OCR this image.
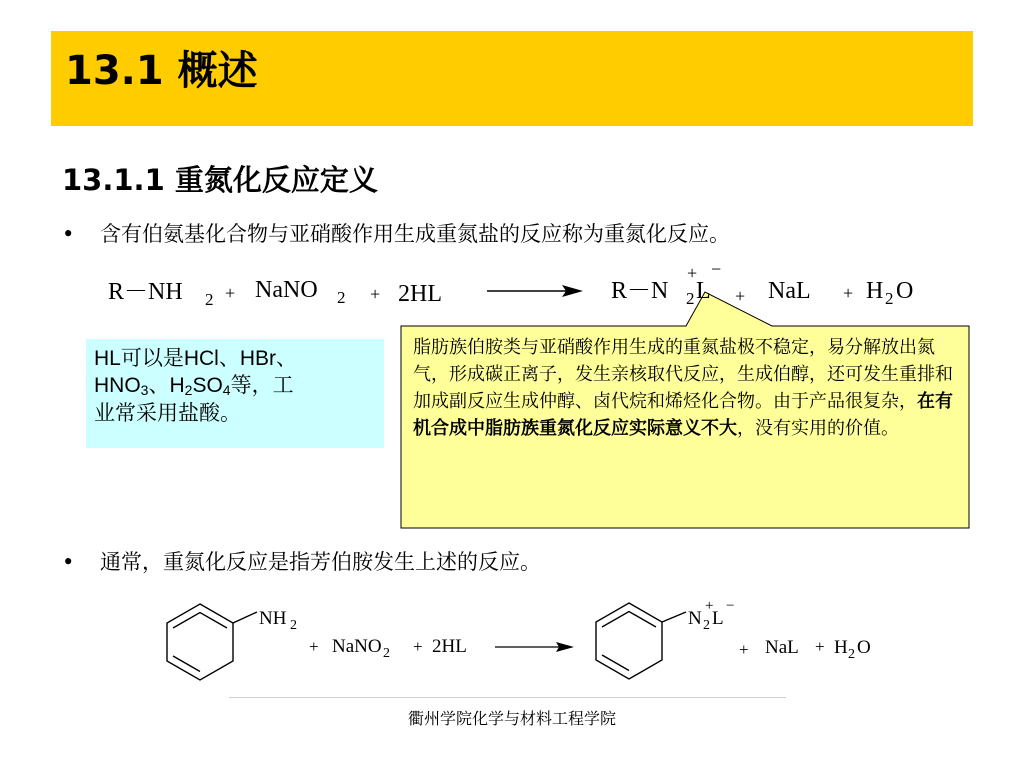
13.1 概述
13.1.1 重氮化反应定义
• 含有伯氨基化合物与亚硝酸作用生成重氮盐的反应称为重氮化反应。
R－NH 2 + NaNO 2 + 2HL	R－N 2 L
+ −
+ NaL + H 2 O
HL可以是HCl、HBr、
$HNO_3$、$H_2SO_4$等，工
业常采用盐酸。
脂肪族伯胺类与亚硝酸作用生成的重氮盐极不稳定，易分解放出氮气，形成碳正离子，发生亲核取代反应，生成伯醇，还可发生重排和加成副反应生成仲醇、卤代烷和烯烃化合物。由于产品很复杂，在有机合成中脂肪族重氮化反应实际意义不大，没有实用的价值。
• 通常，重氮化反应是指芳伯胺发生上述的反应。
NH 2
+ NaNO 2 + 2HL
N 2 L
+ −
+ NaL + H 2 O
衢州学院化学与材料工程学院
